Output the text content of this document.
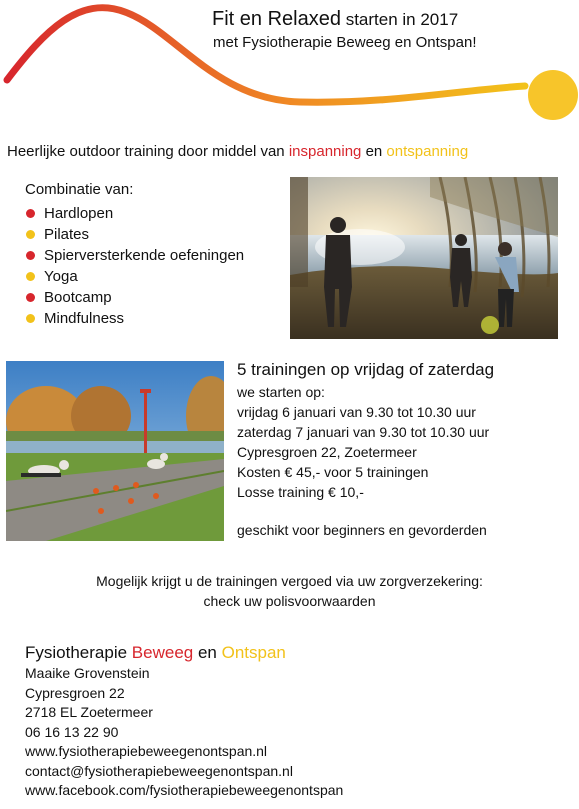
Fit en Relaxed starten in 2017
met Fysiotherapie Beweeg en Ontspan!
Heerlijke outdoor training door middel van inspanning en ontspanning
Combinatie van:
Hardlopen
Pilates
Spierversterkende oefeningen
Yoga
Bootcamp
Mindfulness
5 trainingen op vrijdag of zaterdag
we starten op:
vrijdag 6 januari van 9.30 tot 10.30 uur
zaterdag 7 januari van 9.30 tot 10.30 uur
Cypresgroen 22, Zoetermeer
Kosten € 45,- voor 5 trainingen
Losse training € 10,-
geschikt voor beginners en gevorderden
Mogelijk krijgt u de trainingen vergoed via uw zorgverzekering:
check uw polisvoorwaarden
Fysiotherapie Beweeg en Ontspan
Maaike Grovenstein
Cypresgroen 22
2718 EL Zoetermeer
06 16 13 22 90
www.fysiotherapiebeweegenontspan.nl
contact@fysiotherapiebeweegenontspan.nl
www.facebook.com/fysiotherapiebeweegenontspan
